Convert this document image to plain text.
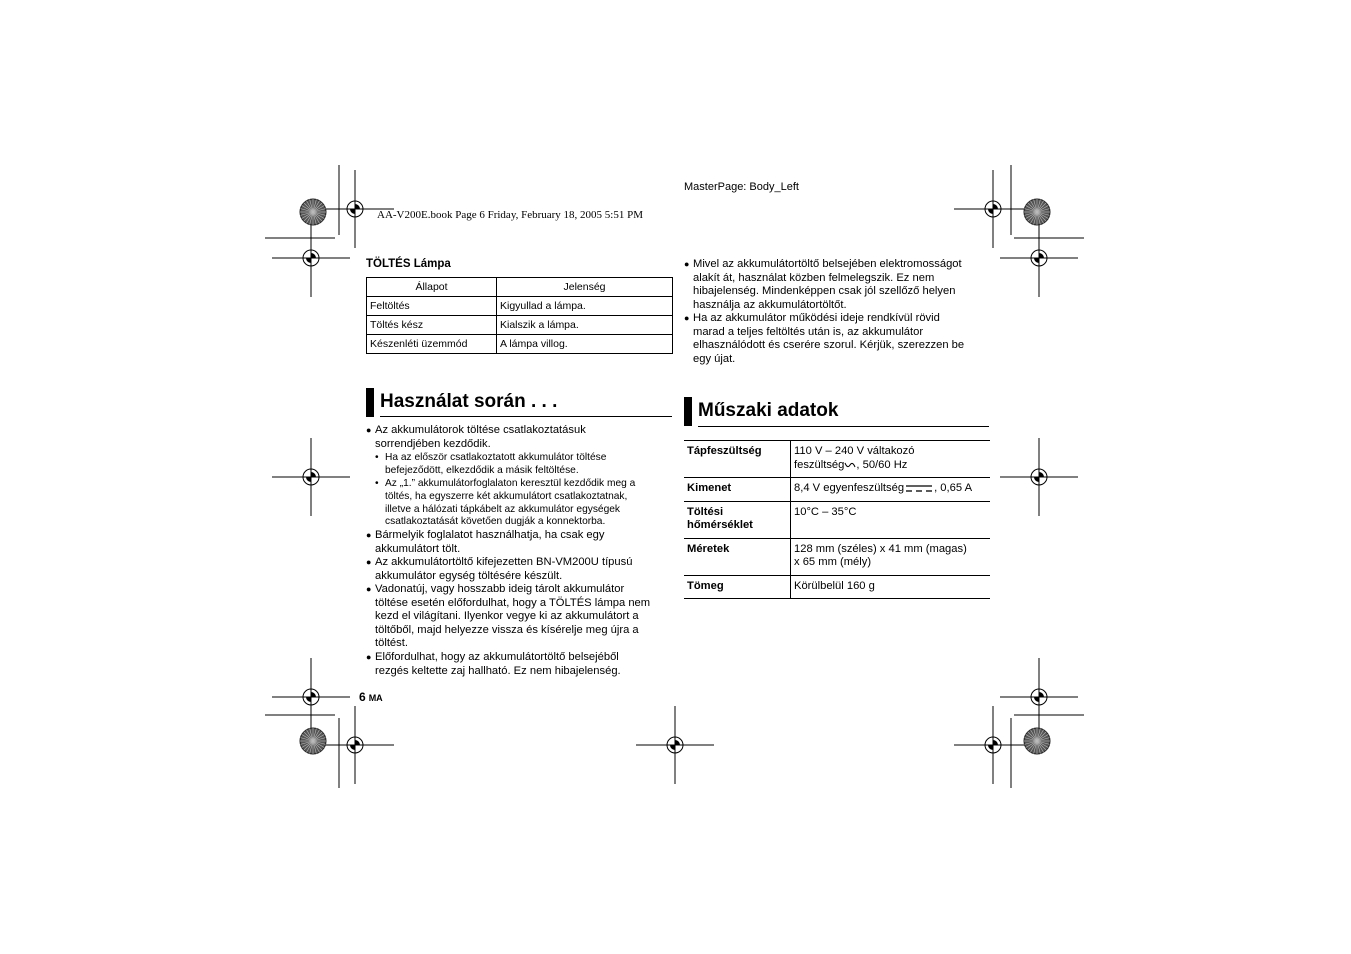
MasterPage: Body_Left
AA-V200E.book Page 6 Friday, February 18, 2005 5:51 PM
TÖLTÉS Lámpa
Állapot	Jelenség
Feltöltés	Kigyullad a lámpa.
Töltés kész	Kialszik a lámpa.
Készenléti üzemmód	A lámpa villog.
Használat során . . .
● Az akkumulátorok töltése csatlakoztatásuk
sorrendjében kezdődik.
• Ha az először csatlakoztatott akkumulátor töltése
befejeződött, elkezdődik a másik feltöltése.
• Az „1.” akkumulátorfoglalaton keresztül kezdődik meg a
töltés, ha egyszerre két akkumulátort csatlakoztatnak,
illetve a hálózati tápkábelt az akkumulátor egységek
csatlakoztatását követően dugják a konnektorba.
● Bármelyik foglalatot használhatja, ha csak egy
akkumulátort tölt.
● Az akkumulátortöltő kifejezetten BN-VM200U típusú
akkumulátor egység töltésére készült.
● Vadonatúj, vagy hosszabb ideig tárolt akkumulátor
töltése esetén előfordulhat, hogy a TÖLTÉS lámpa nem
kezd el világítani. Ilyenkor vegye ki az akkumulátort a
töltőből, majd helyezze vissza és kísérelje meg újra a
töltést.
● Előfordulhat, hogy az akkumulátortöltő belsejéből
rezgés keltette zaj hallható. Ez nem hibajelenség.
● Mivel az akkumulátortöltő belsejében elektromosságot
alakít át, használat közben felmelegszik. Ez nem
hibajelenség. Mindenképpen csak jól szellőző helyen
használja az akkumulátortöltőt.
● Ha az akkumulátor működési ideje rendkívül rövid
marad a teljes feltöltés után is, az akkumulátor
elhasználódott és cserére szorul. Kérjük, szerezzen be
egy újat.
Műszaki adatok
Tápfeszültség	110 V – 240 V váltakozó
feszültség , 50/60 Hz

Kimenet	8,4 V egyenfeszültség , 0,65 A

Töltési
hőmérséklet	10°C – 35°C
Méretek	128 mm (széles) x 41 mm (magas)
x 65 mm (mély)

Tömeg	Körülbelül 160 g
6 MA
